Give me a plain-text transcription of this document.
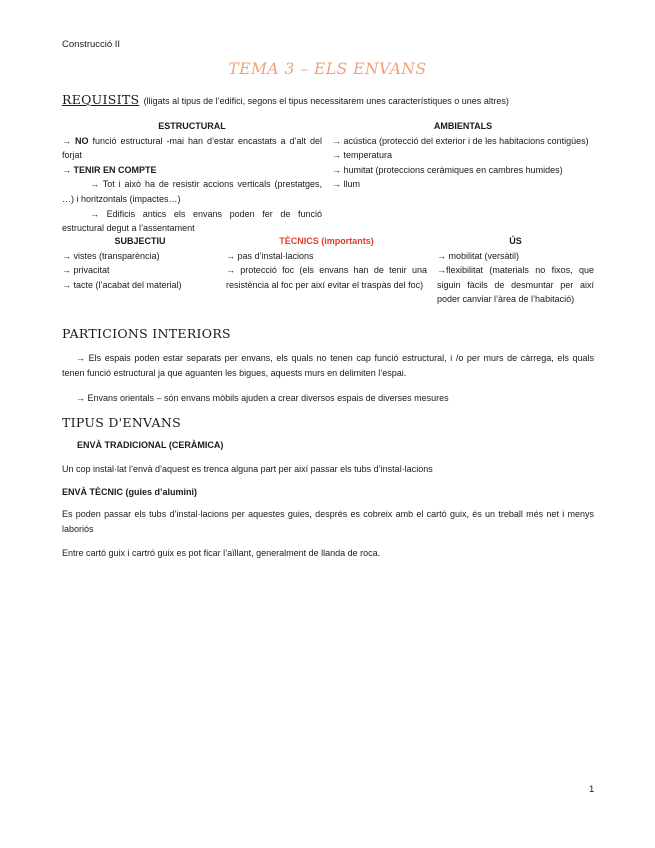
Construcció II
TEMA 3 – ELS ENVANS
REQUISITS (lligats al tipus de l’edifici, segons el tipus necessitarem unes característiques o unes altres)
ESTRUCTURAL
→ NO funció estructural -mai han d’estar encastats a d’alt del forjat
→ TENIR EN COMPTE
→ Tot i això ha de resistir accions verticals (prestatges, …) i horitzontals (impactes…)
→ Edificis antics els envans poden fer de funció estructural degut a l’assentament
AMBIENTALS
→ acústica (protecció del exterior i de les habitacions contigües)
→ temperatura
→ humitat (proteccions ceràmiques en cambres humides)
→ llum
SUBJECTIU
→ vistes (transparència)
→ privacitat
→ tacte (l’acabat del material)
TÈCNICS (importants)
→ pas d’instal·lacions
→ protecció foc (els envans han de tenir una resistència al foc per així evitar el traspàs del foc)
ÚS
→ mobilitat (versàtil)
→flexibilitat (materials no fixos, que siguin fàcils de desmuntar per així poder canviar l’àrea de l’habitació)
PARTICIONS INTERIORS
→ Els espais poden estar separats per envans, els quals no tenen cap funció estructural, i /o per murs de càrrega, els quals tenen funció estructural ja que aguanten les bigues, aquests murs en delimiten l’espai.
→ Envans orientals – són envans mòbils ajuden a crear diversos espais de diverses mesures
TIPUS D'ENVANS
ENVÀ TRADICIONAL (CERÀMICA)
Un cop instal·lat l’envà d’aquest es trenca alguna part per així passar els tubs d’instal·lacions
ENVÀ TÈCNIC (guies d’alumini)
Es poden passar els tubs d’instal·lacions per aquestes guies, després es cobreix amb el cartó guix, és un treball més net i menys laboriós
Entre cartó guix i cartró guix es pot ficar l’aïllant, generalment de llanda de roca.
1
